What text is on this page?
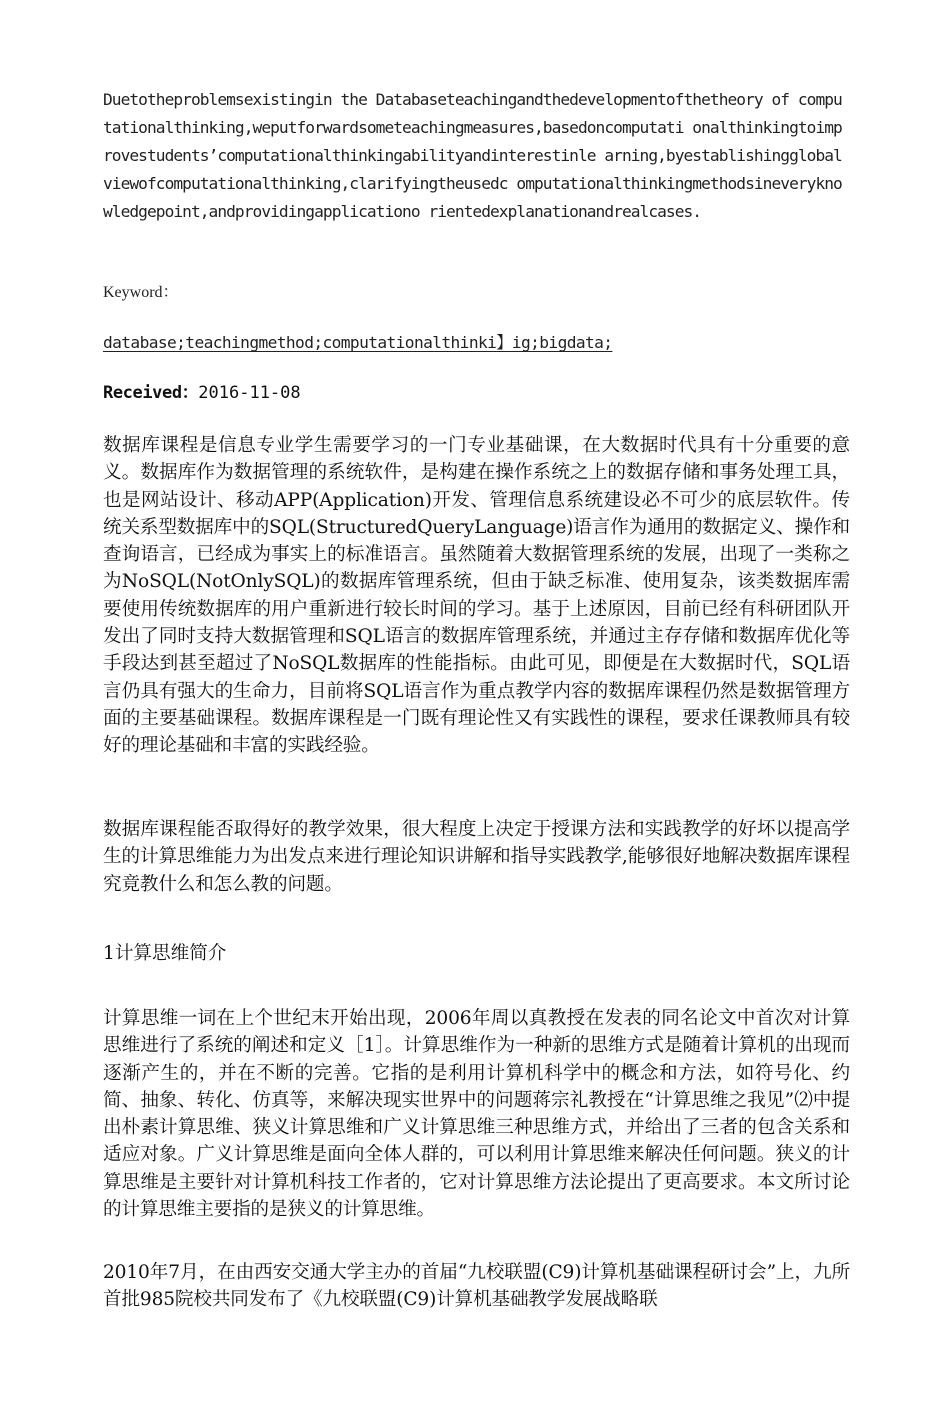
Duetotheproblemsexistingin the Databaseteachingandthedevelopmentofthetheory of computationalthinking,weputforwardsometeachingmeasures,basedoncomputati onalthinkingtoimprovestudents’computationalthinkingabilityandinterestinle arning,byestablishingglobalviewofcomputationalthinking,clarifyingtheusedc omputationalthinkingmethodsineveryknowledgepoint,andprovidingapplicationo rientedexplanationandrealcases.

Keyword：

database;teachingmethod;computationalthinki】ig;bigdata;

Received：2016-11-08

数据库课程是信息专业学生需要学习的一门专业基础课，在大数据时代具有十分重要的意义。数据库作为数据管理的系统软件，是构建在操作系统之上的数据存储和事务处理工具，也是网站设计、移动APP(Application)开发、管理信息系统建设必不可少的底层软件。传统关系型数据库中的SQL(StructuredQueryLanguage)语言作为通用的数据定义、操作和查询语言，已经成为事实上的标准语言。虽然随着大数据管理系统的发展，出现了一类称之为NoSQL(NotOnlySQL)的数据库管理系统，但由于缺乏标准、使用复杂，该类数据库需要使用传统数据库的用户重新进行较长时间的学习。基于上述原因，目前已经有科研团队开发出了同时支持大数据管理和SQL语言的数据库管理系统，并通过主存存储和数据库优化等手段达到甚至超过了NoSQL数据库的性能指标。由此可见，即便是在大数据时代，SQL语言仍具有强大的生命力，目前将SQL语言作为重点教学内容的数据库课程仍然是数据管理方面的主要基础课程。数据库课程是一门既有理论性又有实践性的课程，要求任课教师具有较好的理论基础和丰富的实践经验。

数据库课程能否取得好的教学效果，很大程度上决定于授课方法和实践教学的好坏以提高学生的计算思维能力为出发点来进行理论知识讲解和指导实践教学,能够很好地解决数据库课程究竟教什么和怎么教的问题。

1计算思维简介

计算思维一词在上个世纪末开始出现，2006年周以真教授在发表的同名论文中首次对计算思维进行了系统的阐述和定义［1］。计算思维作为一种新的思维方式是随着计算机的出现而逐渐产生的，并在不断的完善。它指的是利用计算机科学中的概念和方法，如符号化、约简、抽象、转化、仿真等，来解决现实世界中的问题蒋宗礼教授在“计算思维之我见”⑵中提出朴素计算思维、狭义计算思维和广义计算思维三种思维方式，并给出了三者的包含关系和适应对象。广义计算思维是面向全体人群的，可以利用计算思维来解决任何问题。狭义的计算思维是主要针对计算机科技工作者的，它对计算思维方法论提出了更高要求。本文所讨论的计算思维主要指的是狭义的计算思维。

2010年7月，在由西安交通大学主办的首届“九校联盟(C9)计算机基础课程研讨会”上，九所首批985院校共同发布了《九校联盟(C9)计算机基础教学发展战略联
